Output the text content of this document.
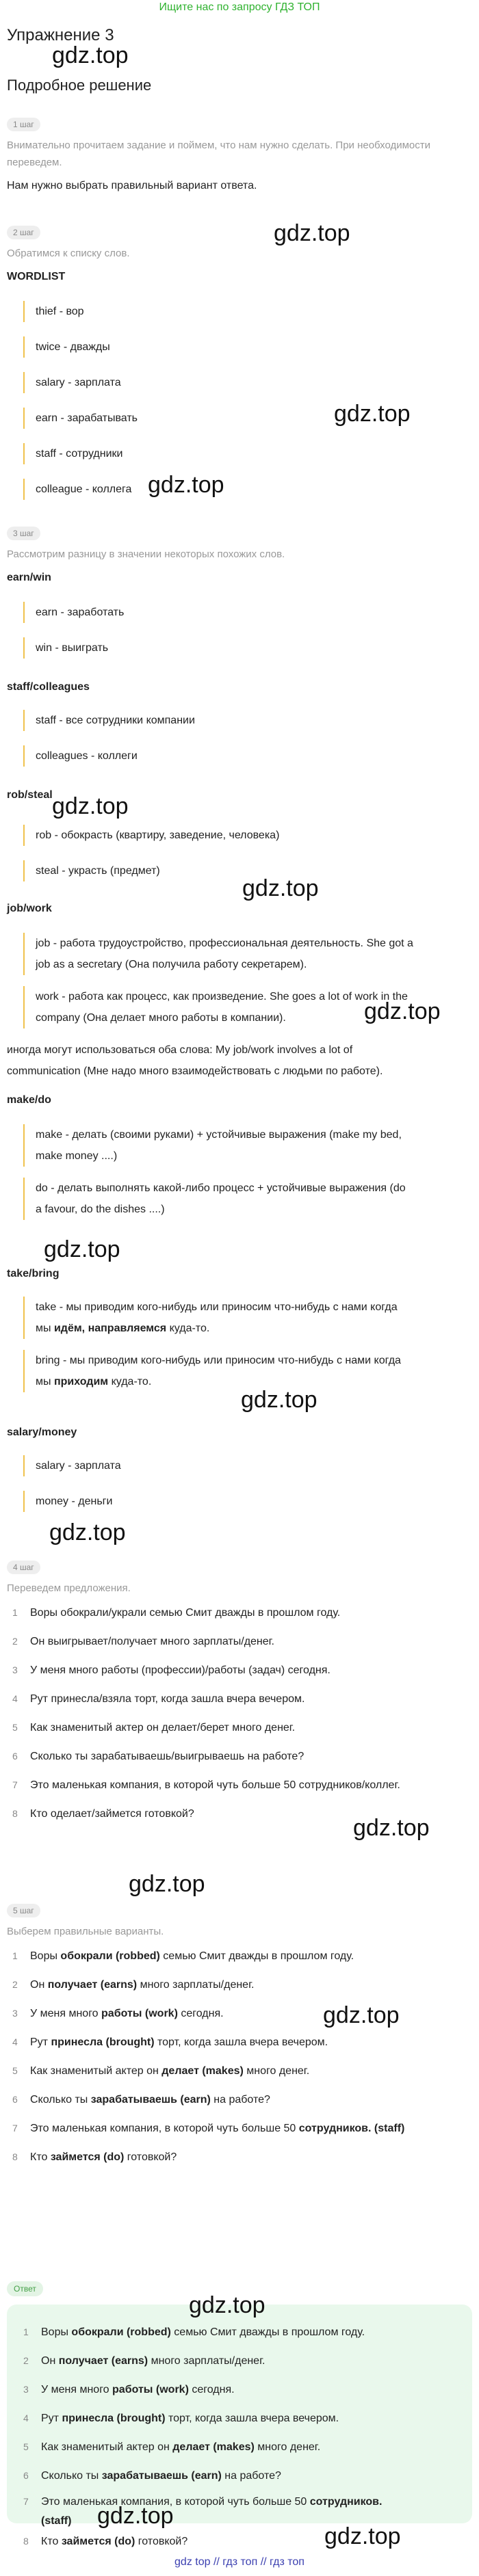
Ищите нас по запросу ГДЗ ТОП
Упражнение 3
gdz.top
Подробное решение
1 шаг
Внимательно прочитаем задание и поймем, что нам нужно сделать. При необходимости
переведем.
Нам нужно выбрать правильный вариант ответа.
2 шаг	gdz.top
Обратимся к списку слов.
WORDLIST
thief - вор
twice - дважды
salary - зарплата
earn - зарабатывать	gdz.top
staff - сотрудники
colleague - коллега gdz.top
3 шаг
Рассмотрим разницу в значении некоторых похожих слов.
earn/win
earn - заработать
win - выиграть
staff/colleagues
staff - все сотрудники компании
colleagues - коллеги
rob/steal gdz.top
rob - обокрасть (квартиру, заведение, человека)
steal - украсть (предмет)
gdz.top
job/work
job - работа трудоустройство, профессиональная деятельность. She got a
job as a secretary (Она получила работу секретарем).
work - работа как процесс, как произведение. She goes a lot of work in the
company (Она делает много работы в компании).	gdz.top
иногда могут использоваться оба слова: My job/work involves a lot of
communication (Мне надо много взаимодействовать с людьми по работе).
make/do
make - делать (своими руками) + устойчивые выражения (make my bed,
make money ....)
do - делать выполнять какой-либо процесс + устойчивые выражения (do
a favour, do the dishes ....)
gdz.top
take/bring
take - мы приводим кого-нибудь или приносим что-нибудь с нами когда
мы идём, направляемся куда-то.
bring - мы приводим кого-нибудь или приносим что-нибудь с нами когда
мы приходим куда-то.
gdz.top
salary/money
salary - зарплата
money - деньги
gdz.top
4 шаг
Переведем предложения.
1 Воры обокрали/украли семью Смит дважды в прошлом году.
2 Он выигрывает/получает много зарплаты/денег.
3 У меня много работы (профессии)/работы (задач) сегодня.
4 Рут принесла/взяла торт, когда зашла вчера вечером.
5 Как знаменитый актер он делает/берет много денег.
6 Сколько ты зарабатываешь/выигрываешь на работе?
7 Это маленькая компания, в которой чуть больше 50 сотрудников/коллег.
8 Кто оделает/займется готовкой?
gdz.top
gdz.top
5 шаг
Выберем правильные варианты.
1 Воры обокрали (robbed) семью Смит дважды в прошлом году.
2 Он получает (earns) много зарплаты/денег.
3 У меня много работы (work) сегодня.	gdz.top
4 Рут принесла (brought) торт, когда зашла вчера вечером.
5 Как знаменитый актер он делает (makes) много денег.
6 Сколько ты зарабатываешь (earn) на работе?
7 Это маленькая компания, в которой чуть больше 50 сотрудников. (staff)
8 Кто займется (do) готовкой?
Ответ
gdz.top
1 Воры обокрали (robbed) семью Смит дважды в прошлом году.
2 Он получает (earns) много зарплаты/денег.
3 У меня много работы (work) сегодня.
4 Рут принесла (brought) торт, когда зашла вчера вечером.
5 Как знаменитый актер он делает (makes) много денег.
6 Сколько ты зарабатываешь (earn) на работе?
7 Это маленькая компания, в которой чуть больше 50 сотрудников.
(staff)	gdz.top
8 Кто займется (do) готовкой?	gdz.top
gdz top // гдз топ // гдз топ
